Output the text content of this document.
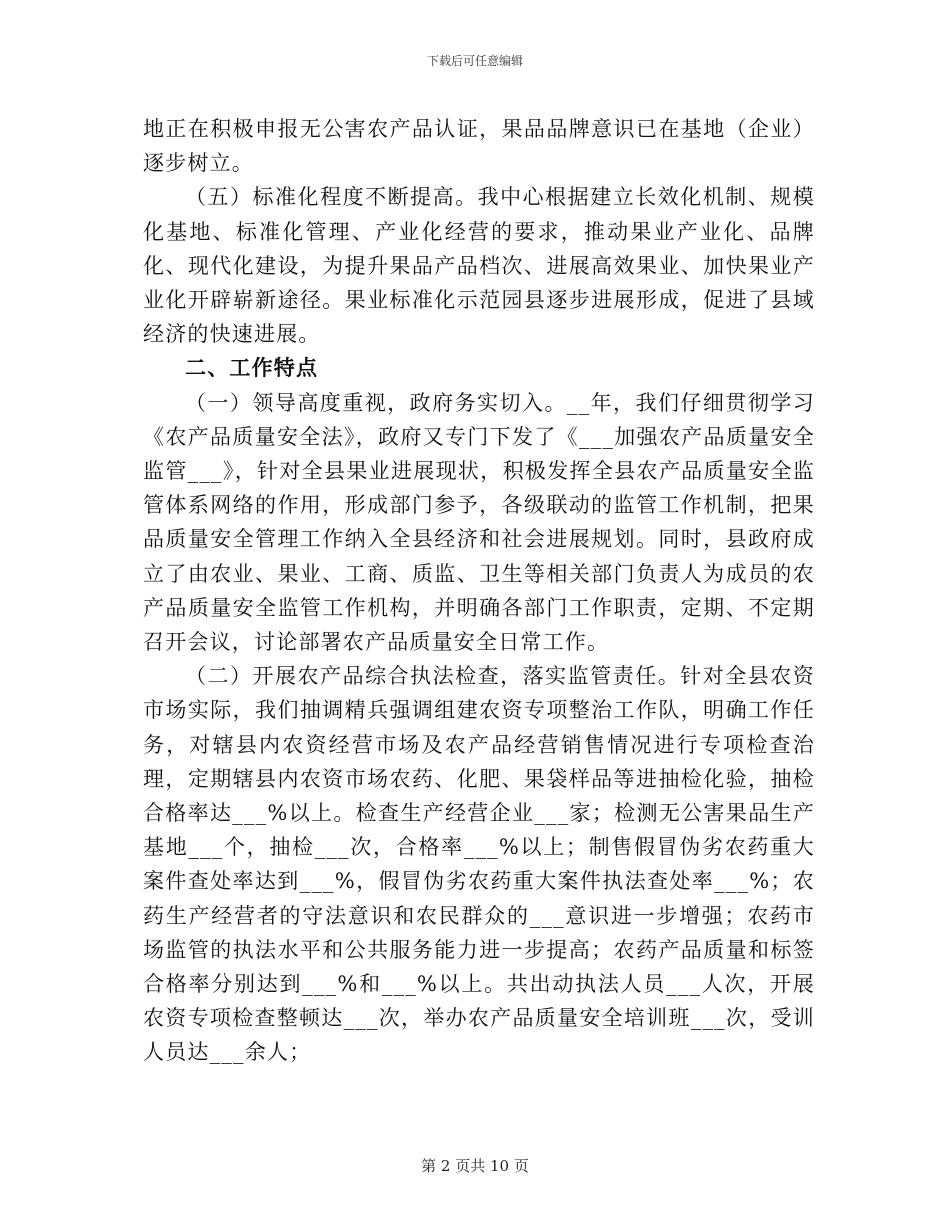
下载后可任意编辑

地正在积极申报无公害农产品认证，果品品牌意识已在基地（企业）逐步树立。

（五）标准化程度不断提高。我中心根据建立长效化机制、规模化基地、标准化管理、产业化经营的要求，推动果业产业化、品牌化、现代化建设，为提升果品产品档次、进展高效果业、加快果业产业化开辟崭新途径。果业标准化示范园县逐步进展形成，促进了县域经济的快速进展。

二、工作特点

（一）领导高度重视，政府务实切入。__年，我们仔细贯彻学习《农产品质量安全法》，政府又专门下发了《___加强农产品质量安全监管___》，针对全县果业进展现状，积极发挥全县农产品质量安全监管体系网络的作用，形成部门参予，各级联动的监管工作机制，把果品质量安全管理工作纳入全县经济和社会进展规划。同时，县政府成立了由农业、果业、工商、质监、卫生等相关部门负责人为成员的农产品质量安全监管工作机构，并明确各部门工作职责，定期、不定期召开会议，讨论部署农产品质量安全日常工作。

（二）开展农产品综合执法检查，落实监管责任。针对全县农资市场实际，我们抽调精兵强调组建农资专项整治工作队，明确工作任务，对辖县内农资经营市场及农产品经营销售情况进行专项检查治理，定期辖县内农资市场农药、化肥、果袋样品等进抽检化验，抽检合格率达___%以上。检查生产经营企业___家；检测无公害果品生产基地___个，抽检___次，合格率___%以上；制售假冒伪劣农药重大案件查处率达到___%，假冒伪劣农药重大案件执法查处率___%；农药生产经营者的守法意识和农民群众的___意识进一步增强；农药市场监管的执法水平和公共服务能力进一步提高；农药产品质量和标签合格率分别达到___%和___%以上。共出动执法人员___人次，开展农资专项检查整顿达___次，举办农产品质量安全培训班___次，受训人员达___余人；

第 2 页共 10 页
